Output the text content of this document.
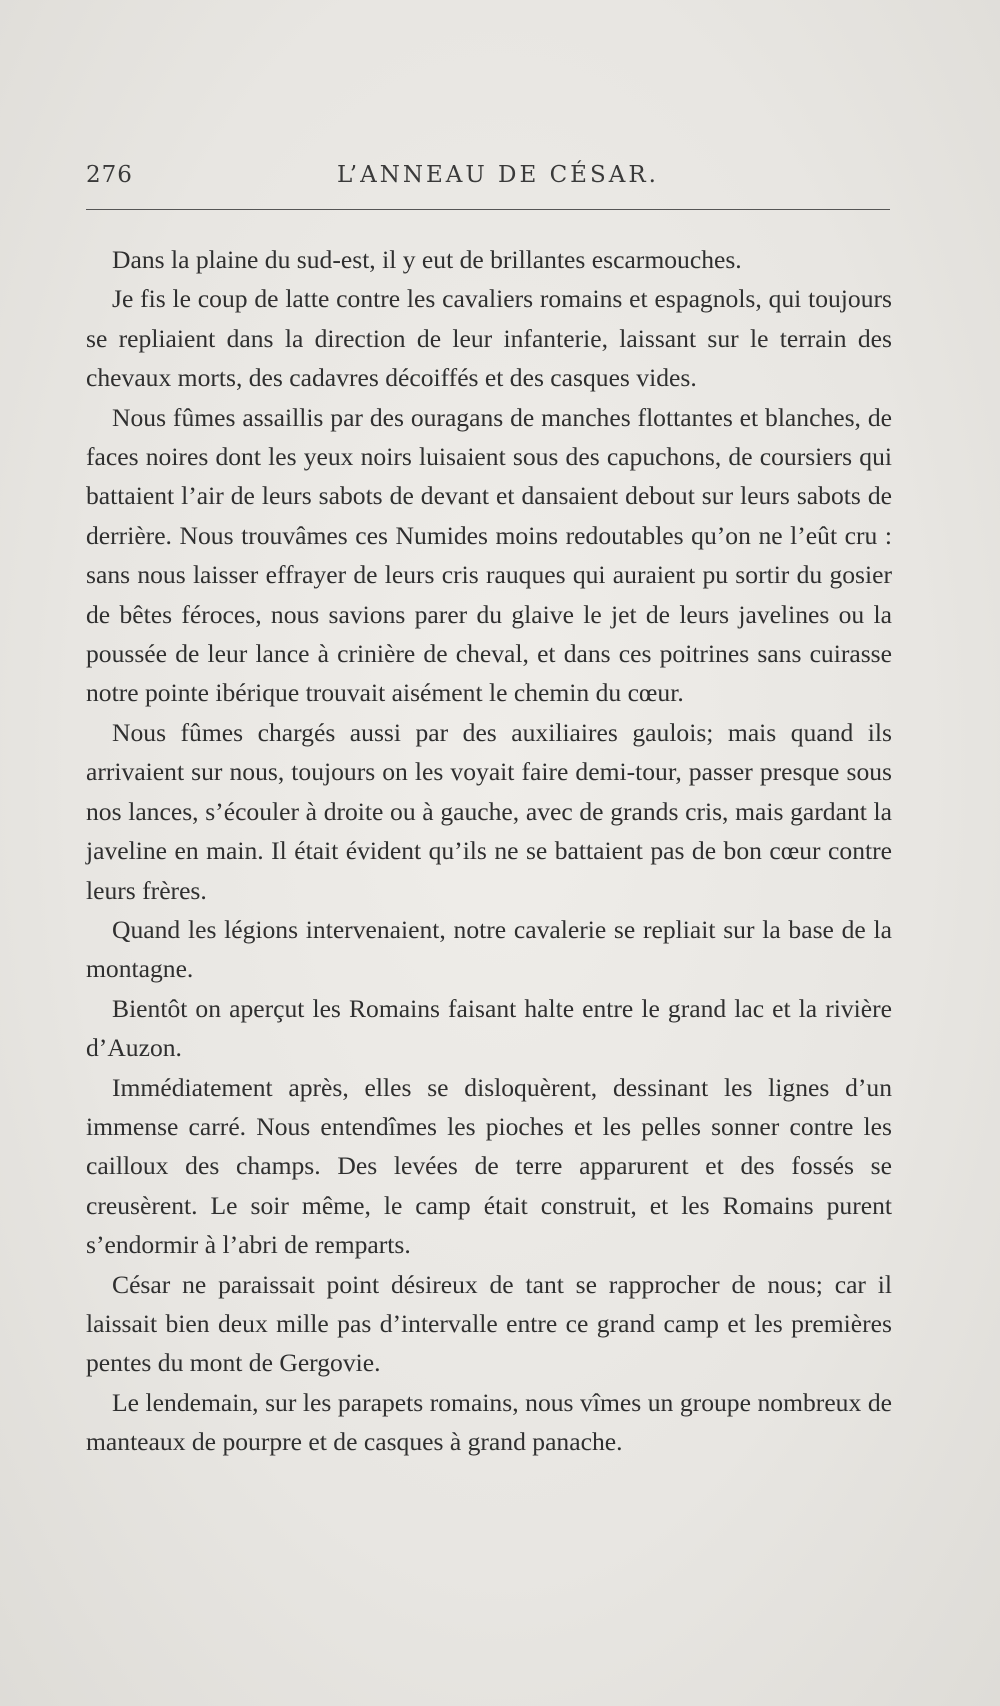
276	L’ANNEAU DE CÉSAR.

Dans la plaine du sud-est, il y eut de brillantes escarmouches.

Je fis le coup de latte contre les cavaliers romains et espagnols, qui toujours se repliaient dans la direction de leur infanterie, laissant sur le terrain des chevaux morts, des cadavres décoiffés et des casques vides.

Nous fûmes assaillis par des ouragans de manches flottantes et blanches, de faces noires dont les yeux noirs luisaient sous des capuchons, de coursiers qui battaient l’air de leurs sabots de devant et dansaient debout sur leurs sabots de derrière. Nous trouvâmes ces Numides moins redoutables qu’on ne l’eût cru : sans nous laisser effrayer de leurs cris rauques qui auraient pu sortir du gosier de bêtes féroces, nous savions parer du glaive le jet de leurs javelines ou la poussée de leur lance à crinière de cheval, et dans ces poitrines sans cuirasse notre pointe ibérique trouvait aisément le chemin du cœur.

Nous fûmes chargés aussi par des auxiliaires gaulois; mais quand ils arrivaient sur nous, toujours on les voyait faire demi-tour, passer presque sous nos lances, s’écouler à droite ou à gauche, avec de grands cris, mais gardant la javeline en main. Il était évident qu’ils ne se battaient pas de bon cœur contre leurs frères.

Quand les légions intervenaient, notre cavalerie se repliait sur la base de la montagne.

Bientôt on aperçut les Romains faisant halte entre le grand lac et la rivière d’Auzon.

Immédiatement après, elles se disloquèrent, dessinant les lignes d’un immense carré. Nous entendîmes les pioches et les pelles sonner contre les cailloux des champs. Des levées de terre apparurent et des fossés se creusèrent. Le soir même, le camp était construit, et les Romains purent s’endormir à l’abri de remparts.

César ne paraissait point désireux de tant se rapprocher de nous; car il laissait bien deux mille pas d’intervalle entre ce grand camp et les premières pentes du mont de Gergovie.

Le lendemain, sur les parapets romains, nous vîmes un groupe nombreux de manteaux de pourpre et de casques à grand panache.
